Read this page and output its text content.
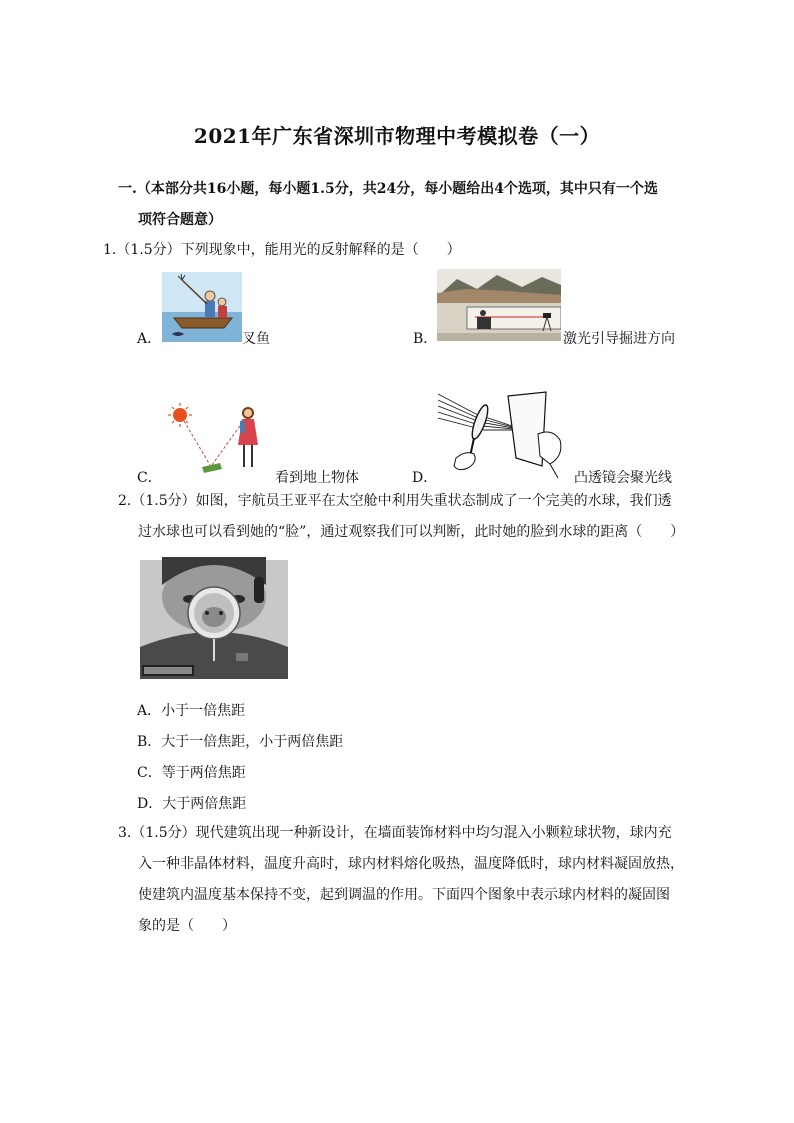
2021年广东省深圳市物理中考模拟卷（一）
一.（本部分共16小题，每小题1.5分，共24分，每小题给出4个选项，其中只有一个选
项符合题意）
1.（1.5分）下列现象中，能用光的反射解释的是（　　）
A．	叉鱼	B．	激光引导掘进方向
C．	看到地上物体	D．	凸透镜会聚光线
2.（1.5分）如图，宇航员王亚平在太空舱中利用失重状态制成了一个完美的水球，我们透
过水球也可以看到她的“脸”，通过观察我们可以判断，此时她的脸到水球的距离（　　）
A．小于一倍焦距
B．大于一倍焦距，小于两倍焦距
C．等于两倍焦距
D．大于两倍焦距
3.（1.5分）现代建筑出现一种新设计，在墙面装饰材料中均匀混入小颗粒球状物，球内充
入一种非晶体材料，温度升高时，球内材料熔化吸热，温度降低时，球内材料凝固放热，
使建筑内温度基本保持不变，起到调温的作用。下面四个图象中表示球内材料的凝固图
象的是（　　）
